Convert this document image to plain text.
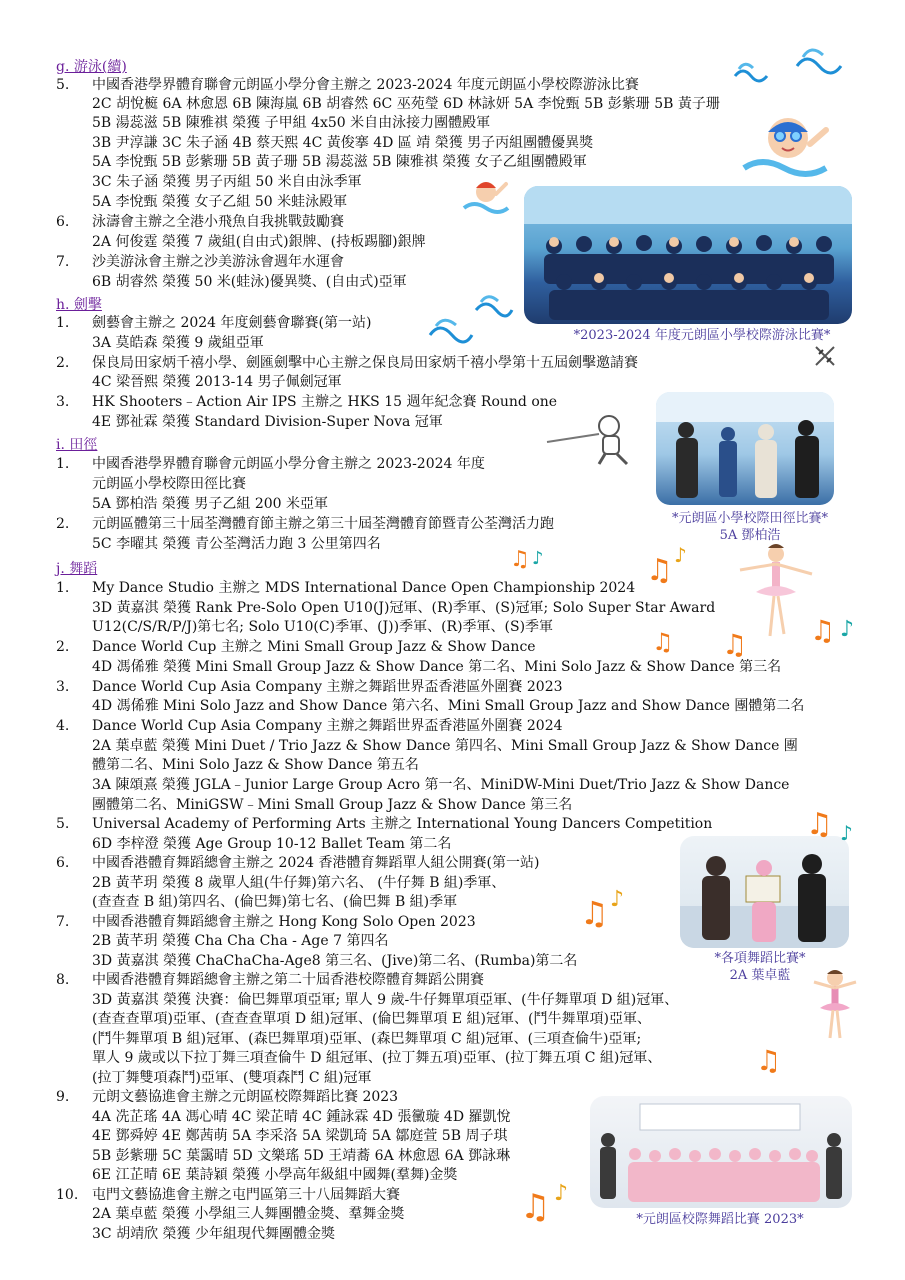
g. 游泳(續)
h. 劍擊
i. 田徑
j. 舞蹈
5.
6.
7.
1.
2.
3.
1.
2.
1.
2.
3.
4.
5.
6.
7.
8.
9.
10.
中國香港學界體育聯會元朗區小學分會主辦之 2023-2024 年度元朗區小學校際游泳比賽
2C 胡悅榳 6A 林愈恩 6B 陳海嵐 6B 胡睿然 6C 巫苑瑩 6D 林詠妍 5A 李悅甄 5B 彭紫珊 5B 黃子珊
5B 湯蕊滋 5B 陳雅祺 榮獲 子甲組 4x50 米自由泳接力團體殿軍
3B 尹淳謙 3C 朱子涵 4B 蔡天熙 4C 黃俊搴 4D 區 靖 榮獲 男子丙組團體優異獎
5A 李悅甄 5B 彭紫珊 5B 黃子珊 5B 湯蕊滋 5B 陳雅祺 榮獲 女子乙組團體殿軍
3C 朱子涵 榮獲 男子丙組 50 米自由泳季軍
5A 李悅甄 榮獲 女子乙組 50 米蛙泳殿軍
泳濤會主辦之全港小飛魚自我挑戰鼓勵賽
2A 何俊霆 榮獲 7 歲組(自由式)銀牌、(持板踢腳)銀牌
沙美游泳會主辦之沙美游泳會週年水運會
6B 胡睿然 榮獲 50 米(蛙泳)優異獎、(自由式)亞軍
劍藝會主辦之 2024 年度劍藝會聯賽(第一站)
3A 莫皓森 榮獲 9 歲組亞軍
保良局田家炳千禧小學、劍匯劍擊中心主辦之保良局田家炳千禧小學第十五屆劍擊邀請賽
4C 梁晉熙 榮獲 2013-14 男子佩劍冠軍
HK Shooters﹣Action Air IPS 主辦之 HKS 15 週年紀念賽 Round one
4E 鄧祉霖 榮獲 Standard Division-Super Nova 冠軍
中國香港學界體育聯會元朗區小學分會主辦之 2023-2024 年度
元朗區小學校際田徑比賽
5A 鄧柏浩 榮獲 男子乙組 200 米亞軍
元朗區體第三十屆荃灣體育節主辦之第三十屆荃灣體育節暨青公荃灣活力跑
5C 李曜其 榮獲 青公荃灣活力跑 3 公里第四名
My Dance Studio 主辦之 MDS International Dance Open Championship 2024
3D 黃嘉淇 榮獲 Rank Pre-Solo Open U10(J)冠軍、(R)季軍、(S)冠軍; Solo Super Star Award
U12(C/S/R/P/J)第七名; Solo U10(C)季軍、(J))季軍、(R)季軍、(S)季軍
Dance World Cup 主辦之 Mini Small Group Jazz & Show Dance
4D 馮俙雅 榮獲 Mini Small Group Jazz & Show Dance 第二名、Mini Solo Jazz & Show Dance 第三名
Dance World Cup Asia Company 主辦之舞蹈世界盃香港區外圍賽 2023
4D 馮俙雅 Mini Solo Jazz and Show Dance 第六名、Mini Small Group Jazz and Show Dance 團體第二名
Dance World Cup Asia Company 主辦之舞蹈世界盃香港區外圍賽 2024
2A 葉卓藍 榮獲 Mini Duet / Trio Jazz & Show Dance 第四名、Mini Small Group Jazz & Show Dance 團
體第二名、Mini Solo Jazz & Show Dance 第五名
3A 陳頌熹 榮獲 JGLA﹣Junior Large Group Acro 第一名、MiniDW-Mini Duet/Trio Jazz & Show Dance
團體第二名、MiniGSW﹣Mini Small Group Jazz & Show Dance 第三名
Universal Academy of Performing Arts 主辦之 International Young Dancers Competition
6D 李梓澄 榮獲 Age Group 10-12 Ballet Team 第二名
中國香港體育舞蹈總會主辦之 2024 香港體育舞蹈單人組公開賽(第一站)
2B 黃芊玥 榮獲 8 歲單人組(牛仔舞)第六名、 (牛仔舞 B 組)季軍、
(查查查 B 組)第四名、(倫巴舞)第七名、(倫巴舞 B 組)季軍
中國香港體育舞蹈總會主辦之 Hong Kong Solo Open 2023
2B 黃芊玥 榮獲 Cha Cha Cha - Age 7 第四名
3D 黃嘉淇 榮獲 ChaChaCha-Age8 第三名、(Jive)第二名、(Rumba)第二名
中國香港體育舞蹈總會主辦之第二十屆香港校際體育舞蹈公開賽
3D 黃嘉淇 榮獲 決賽：倫巴舞單項亞軍; 單人 9 歲-牛仔舞單項亞軍、(牛仔舞單項 D 組)冠軍、
(查查查單項)亞軍、(查查查單項 D 組)冠軍、(倫巴舞單項 E 組)冠軍、(鬥牛舞單項)亞軍、
(鬥牛舞單項 B 組)冠軍、(森巴舞單項)亞軍、(森巴舞單項 C 組)冠軍、(三項查倫牛)亞軍;
單人 9 歲或以下拉丁舞三項查倫牛 D 組冠軍、(拉丁舞五項)亞軍、(拉丁舞五項 C 組)冠軍、
(拉丁舞雙項森鬥)亞軍、(雙項森鬥 C 組)冠軍
元朗文藝協進會主辦之元朗區校際舞蹈比賽 2023
4A 冼芷瑤 4A 馮心晴 4C 梁芷晴 4C 鍾詠霖 4D 張黴璇 4D 羅凱悅
4E 鄧舜婷 4E 鄭茜萌 5A 李采洛 5A 梁凱琦 5A 鄒庭萱 5B 周子琪
5B 彭紫珊 5C 葉靄晴 5D 文樂瑤 5D 王靖蕎 6A 林愈恩 6A 鄧詠琳
6E 江芷晴 6E 葉詩穎 榮獲 小學高年級組中國舞(羣舞)金獎
屯門文藝協進會主辦之屯門區第三十八屆舞蹈大賽
2A 葉卓藍 榮獲 小學組三人舞團體金獎、羣舞金獎
3C 胡靖欣 榮獲 少年組現代舞團體金獎
*2023-2024 年度元朗區小學校際游泳比賽*
*元朗區小學校際田徑比賽*
5A 鄧柏浩
*各項舞蹈比賽*
2A 葉卓藍
*元朗區校際舞蹈比賽 2023*
♫ ♪	♫ ♪
♫ ♫ ♫ ♪
♫ ♪
♫ ♪
♫
♫ ♪
